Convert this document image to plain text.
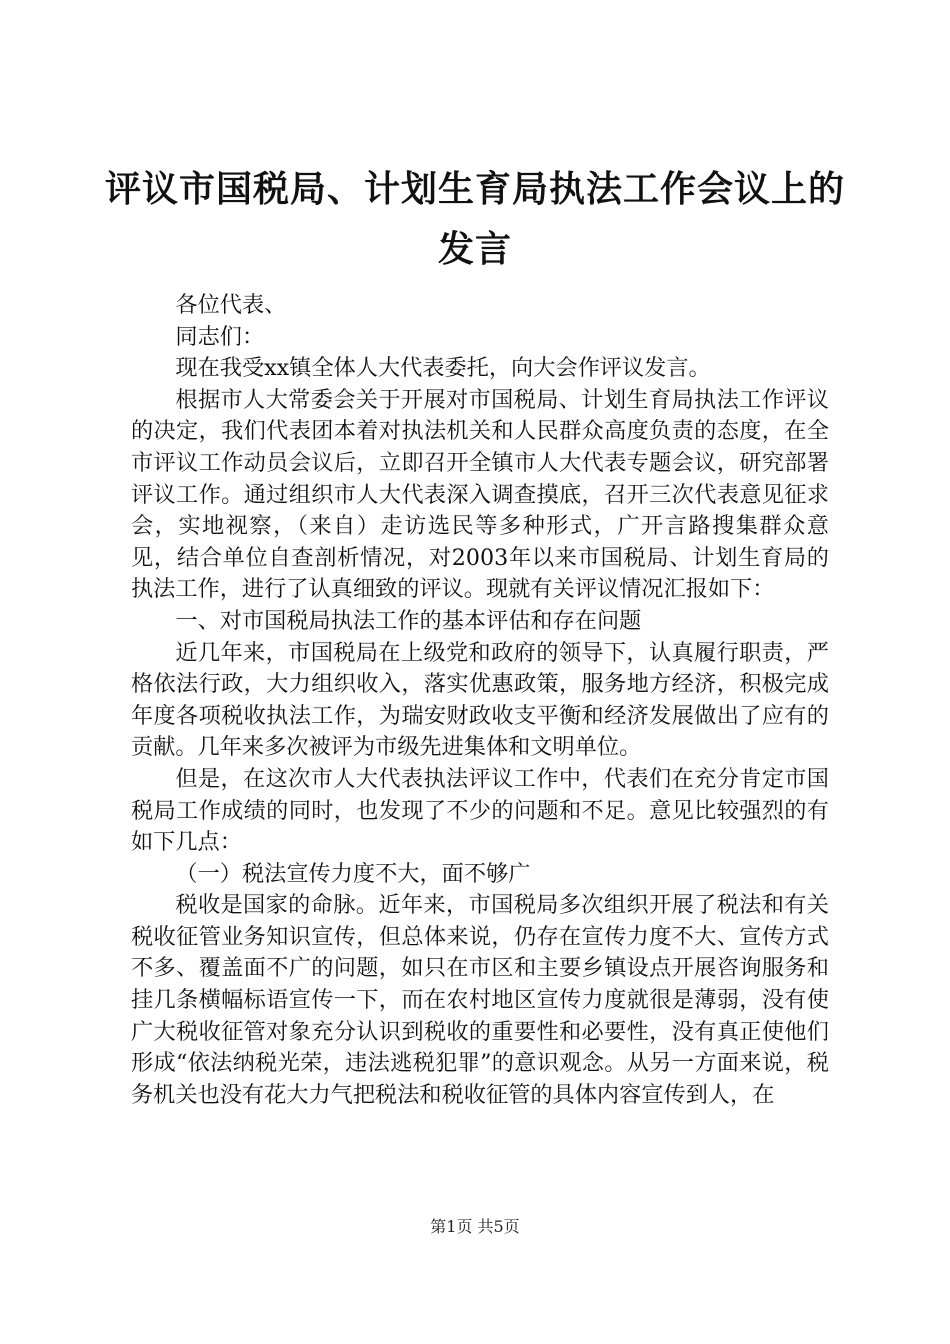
评议市国税局、计划生育局执法工作会议上的发言

各位代表、

同志们：

现在我受xx镇全体人大代表委托，向大会作评议发言。

根据市人大常委会关于开展对市国税局、计划生育局执法工作评议的决定，我们代表团本着对执法机关和人民群众高度负责的态度，在全市评议工作动员会议后，立即召开全镇市人大代表专题会议，研究部署评议工作。通过组织市人大代表深入调查摸底，召开三次代表意见征求会，实地视察，（来自）走访选民等多种形式，广开言路搜集群众意见，结合单位自查剖析情况，对2003年以来市国税局、计划生育局的执法工作，进行了认真细致的评议。现就有关评议情况汇报如下：

一、对市国税局执法工作的基本评估和存在问题

近几年来，市国税局在上级党和政府的领导下，认真履行职责，严格依法行政，大力组织收入，落实优惠政策，服务地方经济，积极完成年度各项税收执法工作，为瑞安财政收支平衡和经济发展做出了应有的贡献。几年来多次被评为市级先进集体和文明单位。

但是，在这次市人大代表执法评议工作中，代表们在充分肯定市国税局工作成绩的同时，也发现了不少的问题和不足。意见比较强烈的有如下几点：

（一）税法宣传力度不大，面不够广

税收是国家的命脉。近年来，市国税局多次组织开展了税法和有关税收征管业务知识宣传，但总体来说，仍存在宣传力度不大、宣传方式不多、覆盖面不广的问题，如只在市区和主要乡镇设点开展咨询服务和挂几条横幅标语宣传一下，而在农村地区宣传力度就很是薄弱，没有使广大税收征管对象充分认识到税收的重要性和必要性，没有真正使他们形成“依法纳税光荣，违法逃税犯罪”的意识观念。从另一方面来说，税务机关也没有花大力气把税法和税收征管的具体内容宣传到人，在

第1页 共5页
